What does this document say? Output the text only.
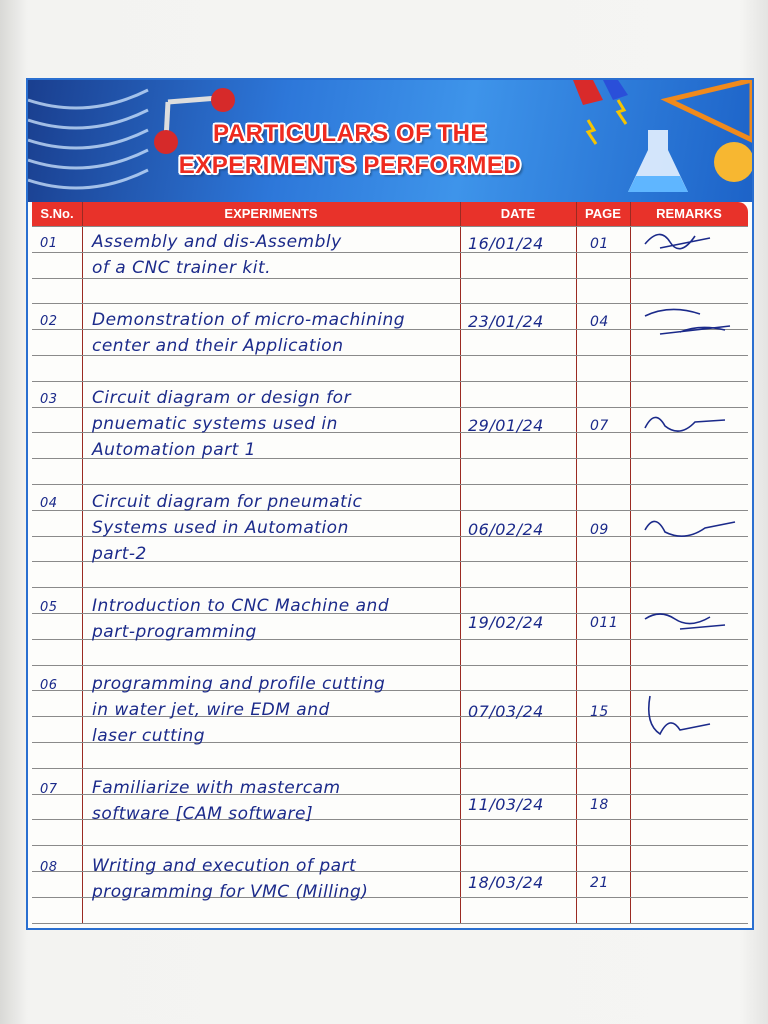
PARTICULARS OF THE
EXPERIMENTS PERFORMED
S.No.	EXPERIMENTS	DATE	PAGE	REMARKS
01 Assembly and dis-Assembly
of a CNC trainer kit.
16/01/24	01
02 Demonstration of micro-machining
center and their Application
23/01/24	04
03 Circuit diagram or design for
pnuematic systems used in
Automation part 1
29/01/24	07
04 Circuit diagram for pneumatic
Systems used in Automation
part-2
06/02/24	09
05 Introduction to CNC Machine and
part-programming	19/02/24	011
06 programming and profile cutting
in water jet, wire EDM and
laser cutting
07/03/24	15
07 Familiarize with mastercam
software [CAM software]	11/03/24	18
08 Writing and execution of part
programming for VMC (Milling)	18/03/24	21
